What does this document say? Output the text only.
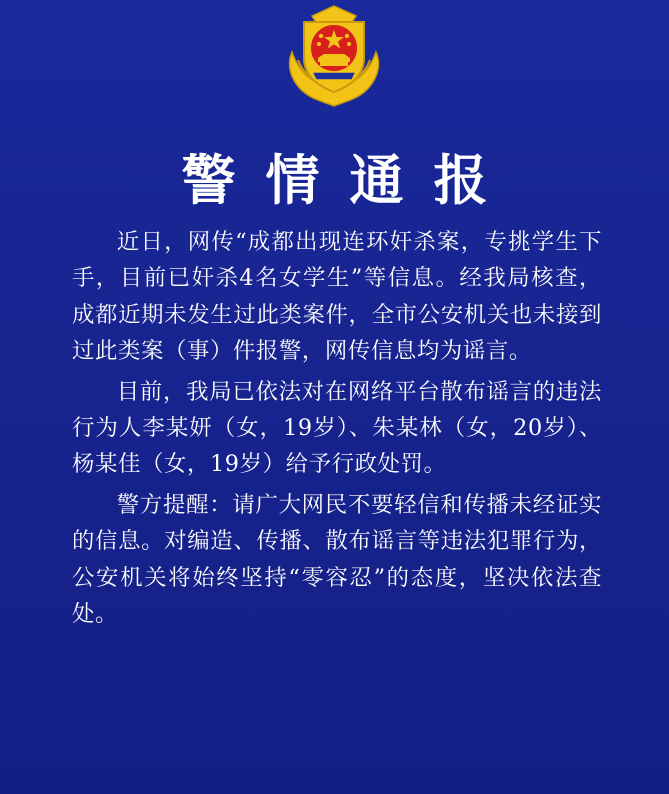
警情通报

近日，网传“成都出现连环奸杀案，专挑学生下手，目前已奸杀4名女学生”等信息。经我局核查，成都近期未发生过此类案件，全市公安机关也未接到过此类案（事）件报警，网传信息均为谣言。

目前，我局已依法对在网络平台散布谣言的违法行为人李某妍（女，19岁）、朱某林（女，20岁）、杨某佳（女，19岁）给予行政处罚。

警方提醒：请广大网民不要轻信和传播未经证实的信息。对编造、传播、散布谣言等违法犯罪行为，公安机关将始终坚持“零容忍”的态度，坚决依法查处。
